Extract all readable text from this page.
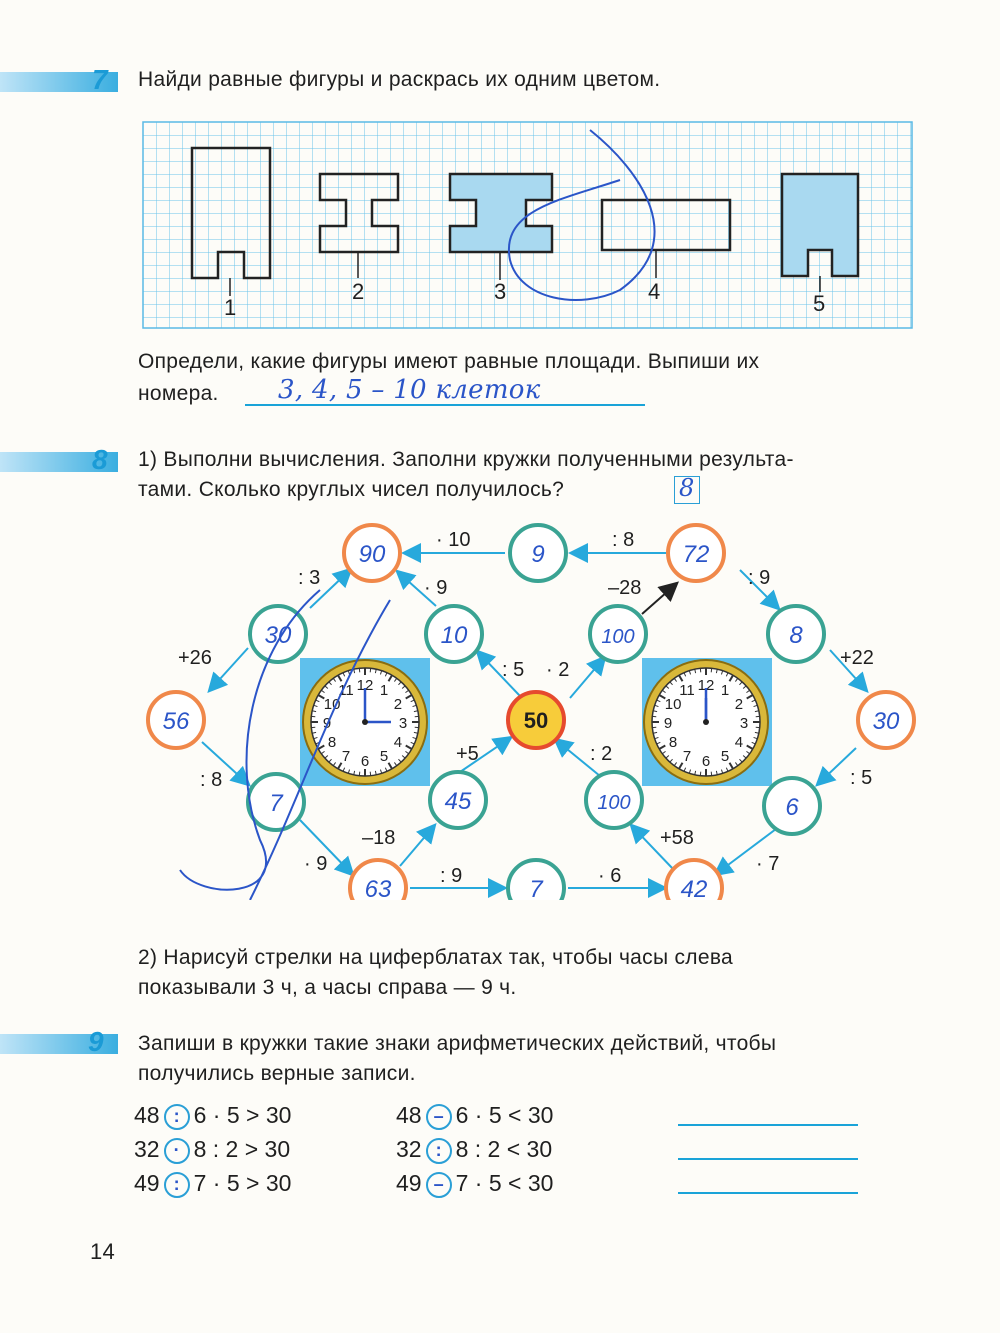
7 Найди равные фигуры и раскрась их одним цветом.
1
2	3	4	5
Определи, какие фигуры имеют равные площади. Выпиши их
номера. 3, 4, 5 – 10 клеток
8 1) Выполни вычисления. Заполни кружки полученными результа-
тами. Сколько круглых чисел получилось?	8
· 10	: 8
: 3	· 9	–28	: 9
+26
: 5 · 2
+22
: 8
+5	: 2
: 5
–18	+58
· 9	· 7
: 9	· 6
50
90	9	72
30	10	100	8
56	30
7	45	100	6
63	7	42
12 1
2
3
4
5
6
7
8
9
10
11	12 1
2
3
4
5
6
7
8
9
10
11
2) Нарисуй стрелки на циферблатах так, чтобы часы слева
показывали 3 ч, а часы справа — 9 ч.
9 Запиши в кружки такие знаки арифметических действий, чтобы
получились верные записи.
48 : 6 · 5 > 30	48 – 6 · 5 < 30
32 · 8 : 2 > 30	32 : 8 : 2 < 30
49 : 7 · 5 > 30	49 – 7 · 5 < 30
14
